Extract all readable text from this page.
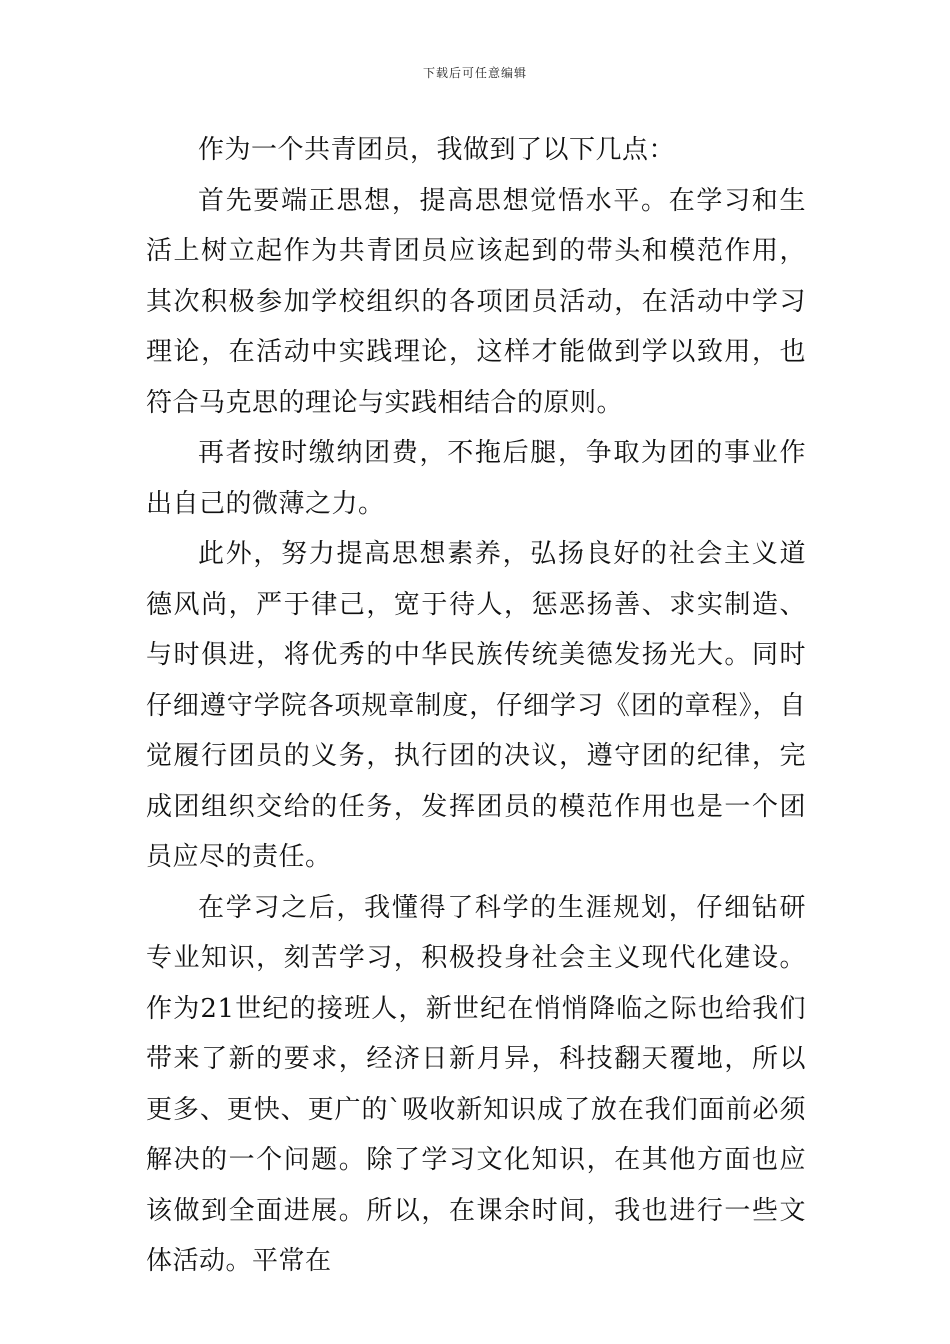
下载后可任意编辑

作为一个共青团员，我做到了以下几点：

首先要端正思想，提高思想觉悟水平。在学习和生活上树立起作为共青团员应该起到的带头和模范作用，其次积极参加学校组织的各项团员活动，在活动中学习理论，在活动中实践理论，这样才能做到学以致用，也符合马克思的理论与实践相结合的原则。

再者按时缴纳团费，不拖后腿，争取为团的事业作出自己的微薄之力。

此外，努力提高思想素养，弘扬良好的社会主义道德风尚，严于律己，宽于待人，惩恶扬善、求实制造、与时俱进，将优秀的中华民族传统美德发扬光大。同时仔细遵守学院各项规章制度，仔细学习《团的章程》，自觉履行团员的义务，执行团的决议，遵守团的纪律，完成团组织交给的任务，发挥团员的模范作用也是一个团员应尽的责任。

在学习之后，我懂得了科学的生涯规划，仔细钻研专业知识，刻苦学习，积极投身社会主义现代化建设。作为21世纪的接班人，新世纪在悄悄降临之际也给我们带来了新的要求，经济日新月异，科技翻天覆地，所以更多、更快、更广的`吸收新知识成了放在我们面前必须解决的一个问题。除了学习文化知识，在其他方面也应该做到全面进展。所以，在课余时间，我也进行一些文体活动。平常在
